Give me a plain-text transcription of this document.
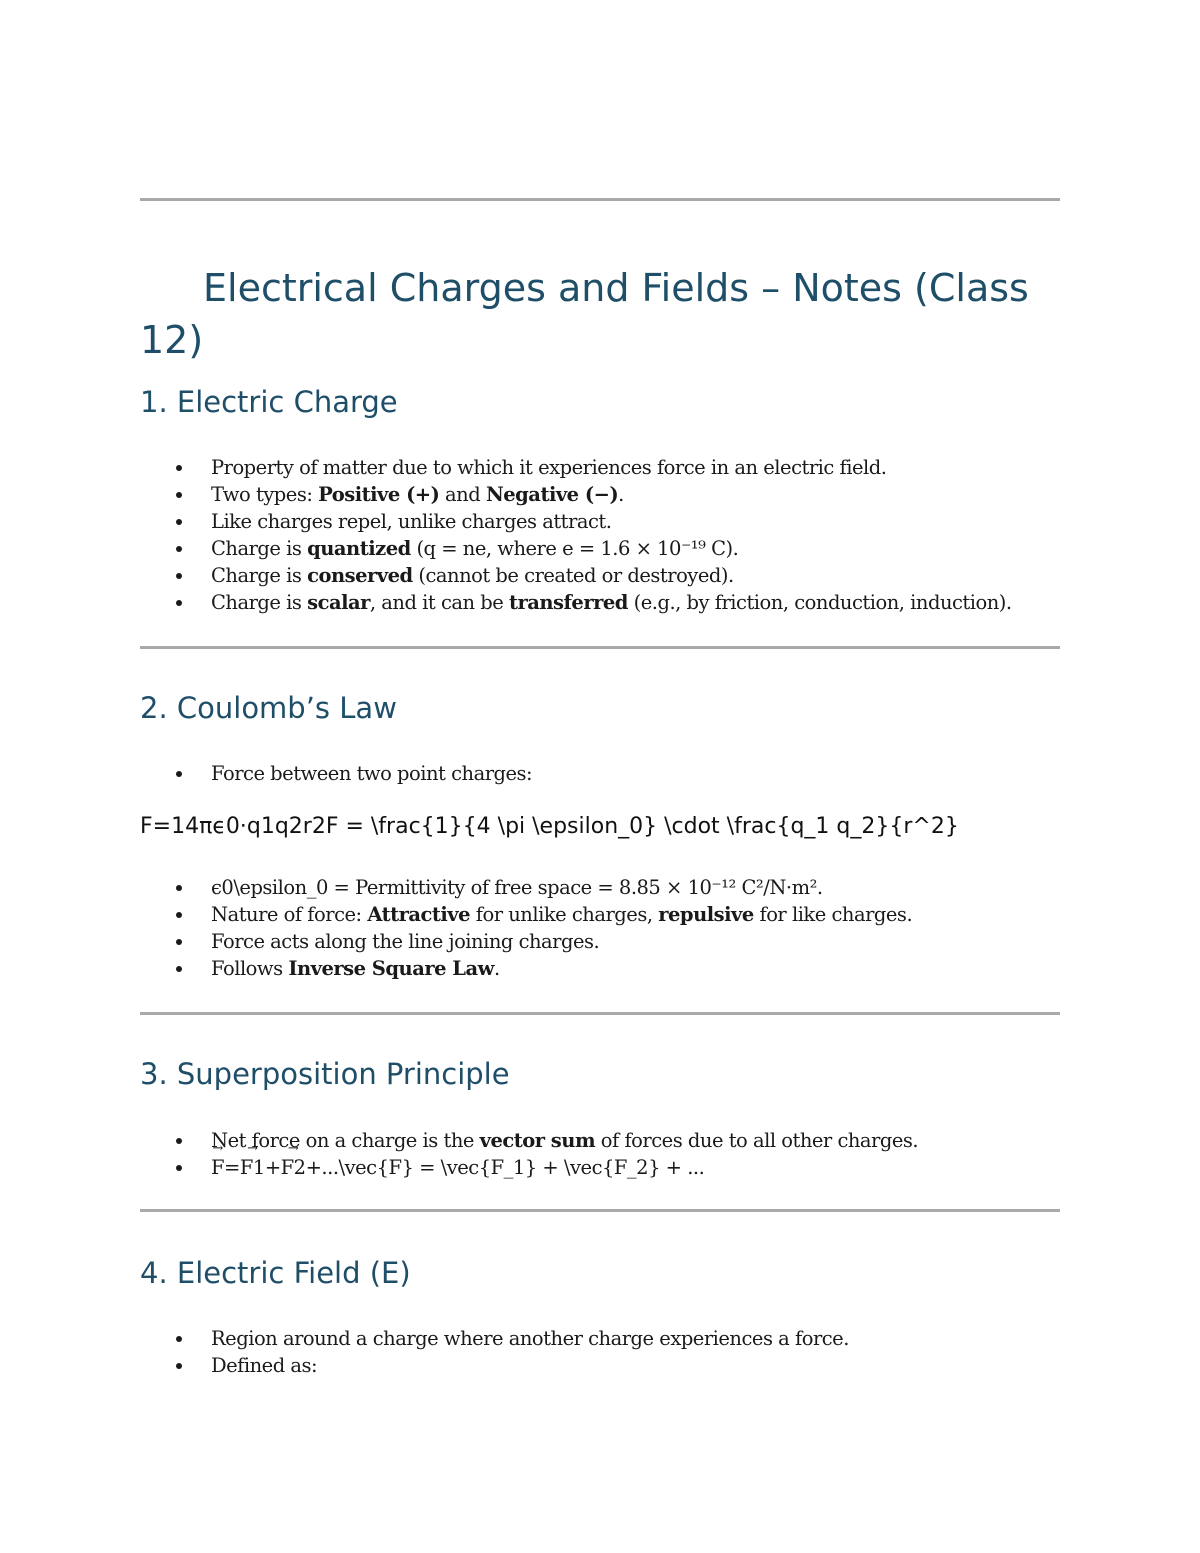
Electrical Charges and Fields – Notes (Class 12)
1. Electric Charge
Property of matter due to which it experiences force in an electric field.
Two types: Positive (+) and Negative (−).
Like charges repel, unlike charges attract.
Charge is quantized (q = ne, where e = 1.6 × 10⁻¹⁹ C).
Charge is conserved (cannot be created or destroyed).
Charge is scalar, and it can be transferred (e.g., by friction, conduction, induction).
2. Coulomb’s Law
Force between two point charges:

F=14πϵ0⋅q1q2r2F = \frac{1}{4 \pi \epsilon_0} \cdot \frac{q_1 q_2}{r^2}

ϵ0\epsilon_0 = Permittivity of free space = 8.85 × 10⁻¹² C²/N·m².
Nature of force: Attractive for unlike charges, repulsive for like charges.
Force acts along the line joining charges.
Follows Inverse Square Law.
3. Superposition Principle
Net force on a charge is the vector sum of forces due to all other charges.
F →=F1 →+F2 →+...\vec{F} = \vec{F_1} + \vec{F_2} + ...
4. Electric Field (E)
Region around a charge where another charge experiences a force.
Defined as:
